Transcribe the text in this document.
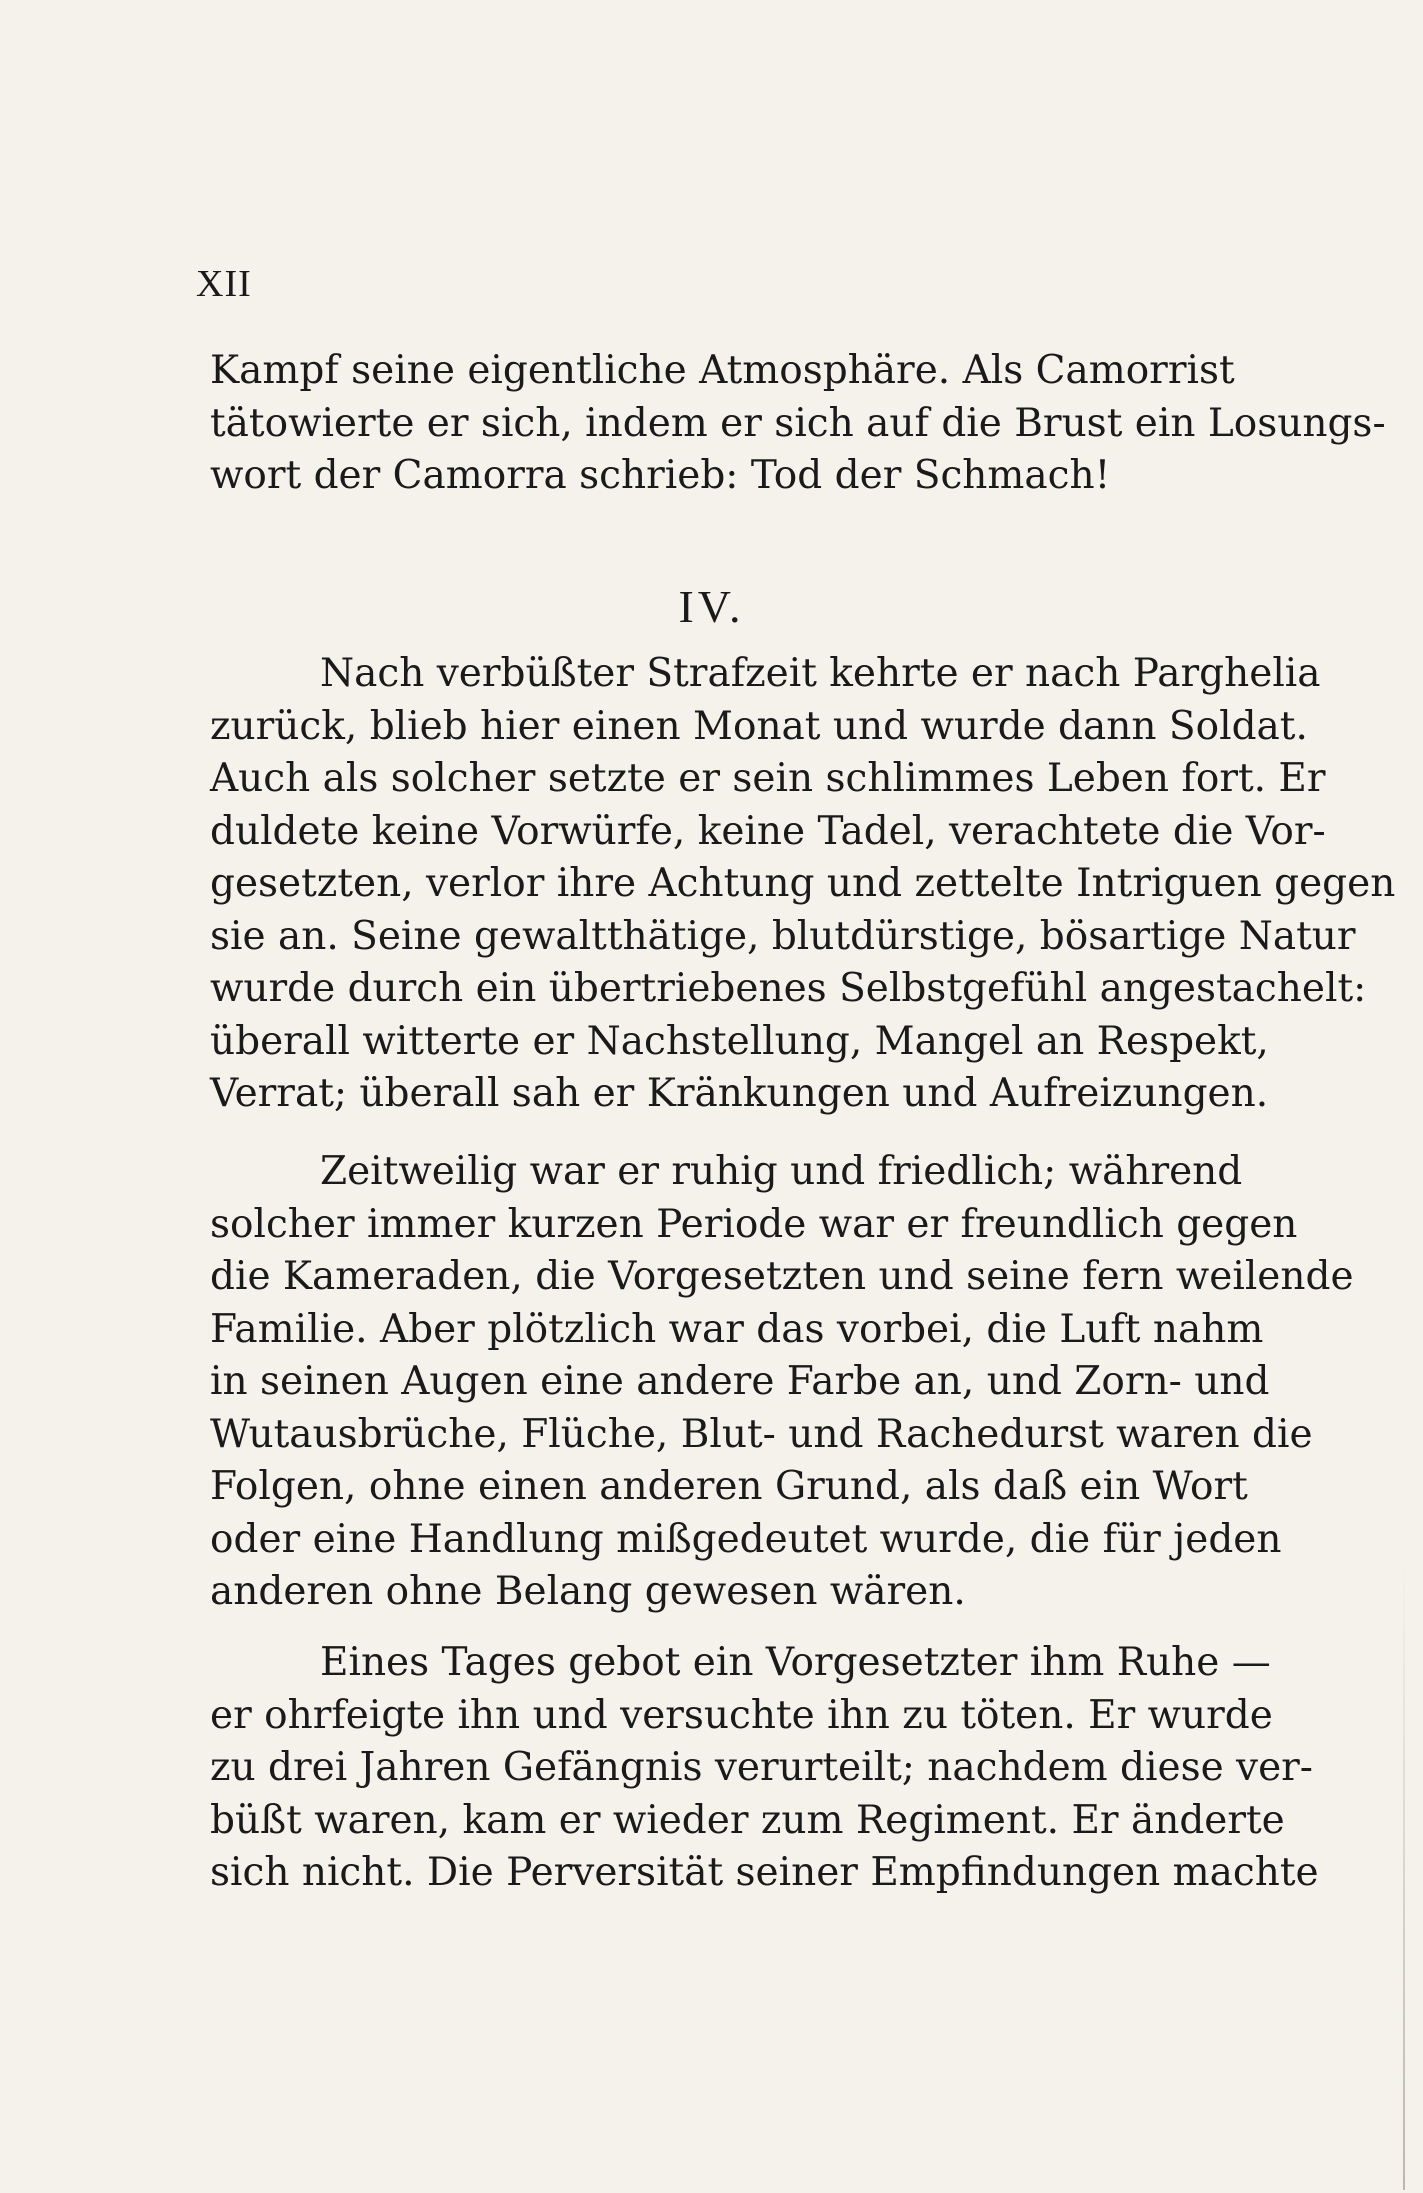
XII
Kampf seine eigentliche Atmosphäre. Als Camorrist
tätowierte er sich, indem er sich auf die Brust ein Losungs-
wort der Camorra schrieb: Tod der Schmach!
IV.
Nach verbüßter Strafzeit kehrte er nach Parghelia
zurück, blieb hier einen Monat und wurde dann Soldat.
Auch als solcher setzte er sein schlimmes Leben fort. Er
duldete keine Vorwürfe, keine Tadel, verachtete die Vor-
gesetzten, verlor ihre Achtung und zettelte Intriguen gegen
sie an. Seine gewaltthätige, blutdürstige, bösartige Natur
wurde durch ein übertriebenes Selbstgefühl angestachelt:
überall witterte er Nachstellung, Mangel an Respekt,
Verrat; überall sah er Kränkungen und Aufreizungen.
Zeitweilig war er ruhig und friedlich; während
solcher immer kurzen Periode war er freundlich gegen
die Kameraden, die Vorgesetzten und seine fern weilende
Familie. Aber plötzlich war das vorbei, die Luft nahm
in seinen Augen eine andere Farbe an, und Zorn- und
Wutausbrüche, Flüche, Blut- und Rachedurst waren die
Folgen, ohne einen anderen Grund, als daß ein Wort
oder eine Handlung mißgedeutet wurde, die für jeden
anderen ohne Belang gewesen wären.
Eines Tages gebot ein Vorgesetzter ihm Ruhe —
er ohrfeigte ihn und versuchte ihn zu töten. Er wurde
zu drei Jahren Gefängnis verurteilt; nachdem diese ver-
büßt waren, kam er wieder zum Regiment. Er änderte
sich nicht. Die Perversität seiner Empfindungen machte
